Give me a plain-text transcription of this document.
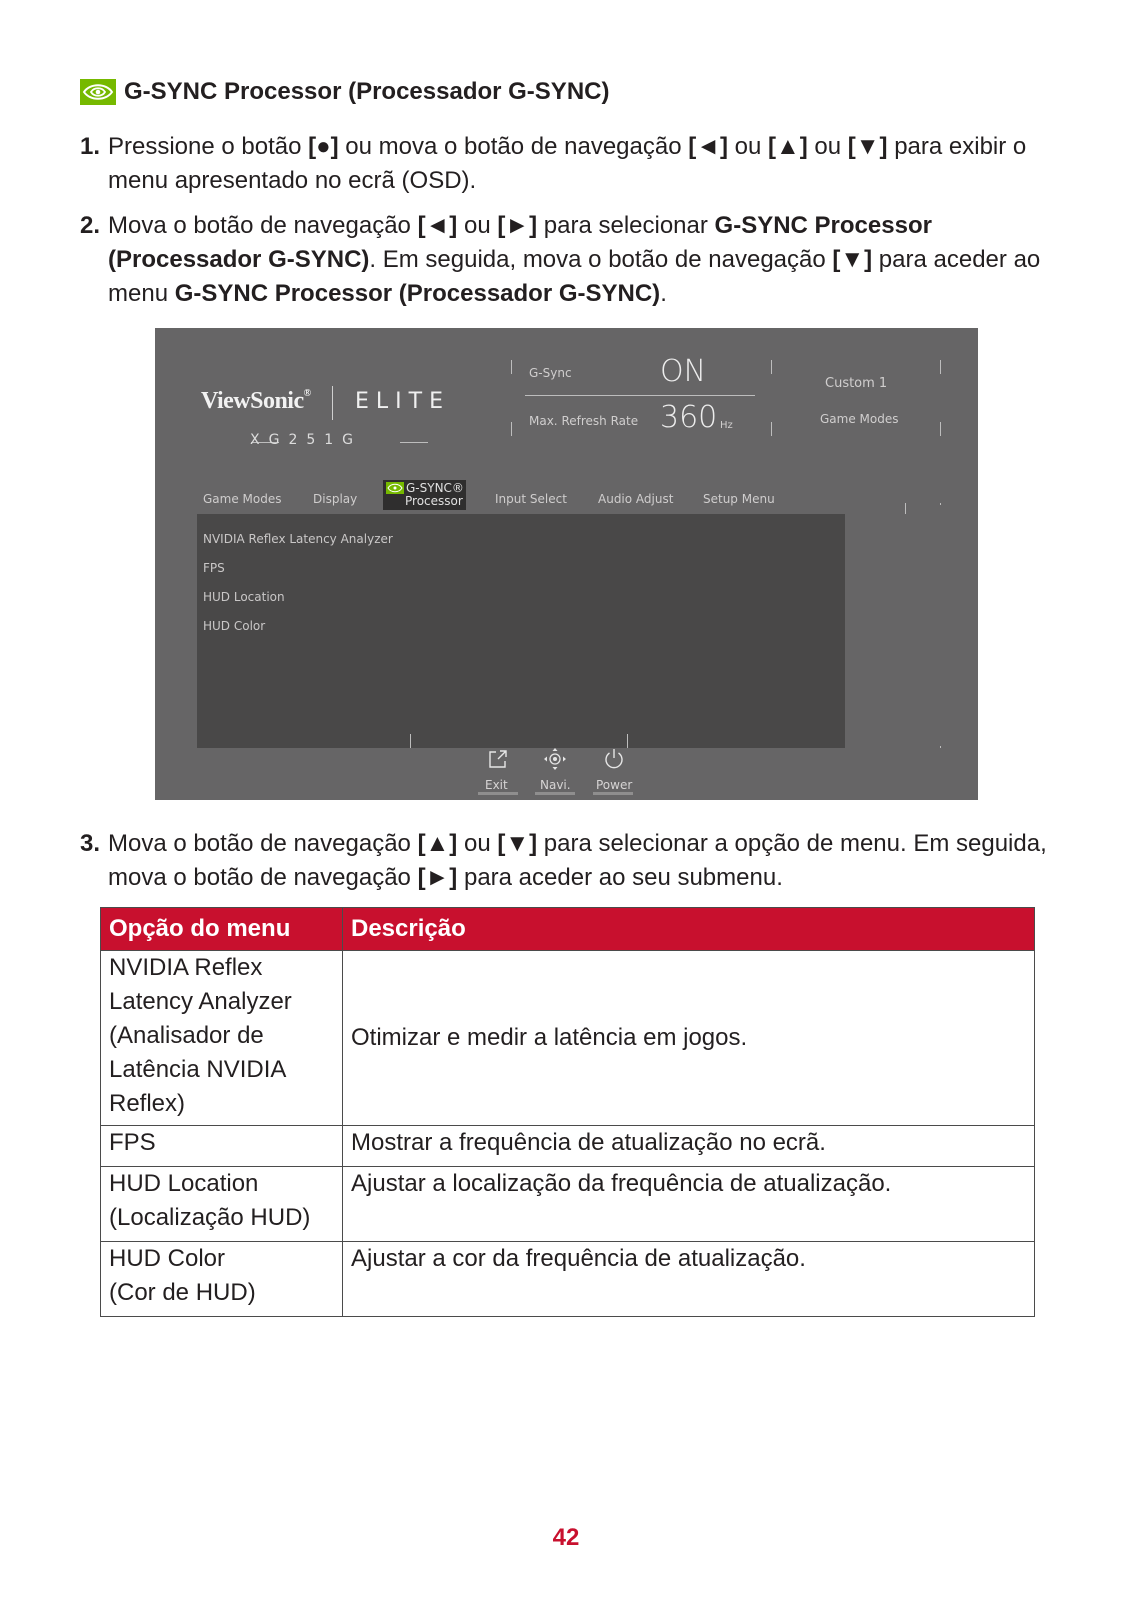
G-SYNC Processor (Processador G-SYNC)
1. Pressione o botão [●] ou mova o botão de navegação [◄] ou [▲] ou [▼] para exibir o menu apresentado no ecrã (OSD).
2. Mova o botão de navegação [◄] ou [►] para selecionar G-SYNC Processor (Processador G-SYNC). Em seguida, mova o botão de navegação [▼] para aceder ao menu G-SYNC Processor (Processador G-SYNC).
ViewSonic® ELITE
XG251G
G-Sync	ON
Max. Refresh Rate 360 Hz
Custom 1
Game Modes
Game Modes	Display
G-SYNC®
Processor	Input Select	Audio Adjust Setup Menu
NVIDIA Reflex Latency Analyzer
FPS
HUD Location
HUD Color
Exit	Navi. Power
3. Mova o botão de navegação [▲] ou [▼] para selecionar a opção de menu. Em seguida, mova o botão de navegação [►] para aceder ao seu submenu.
Opção do menu	Descrição

NVIDIA Reflex
Latency Analyzer
(Analisador de
Latência NVIDIA
Reflex)	Otimizar e medir a latência em jogos.

FPS	Mostrar a frequência de atualização no ecrã.

HUD Location
(Localização HUD)	Ajustar a localização da frequência de atualização.

HUD Color
(Cor de HUD)	Ajustar a cor da frequência de atualização.
42
